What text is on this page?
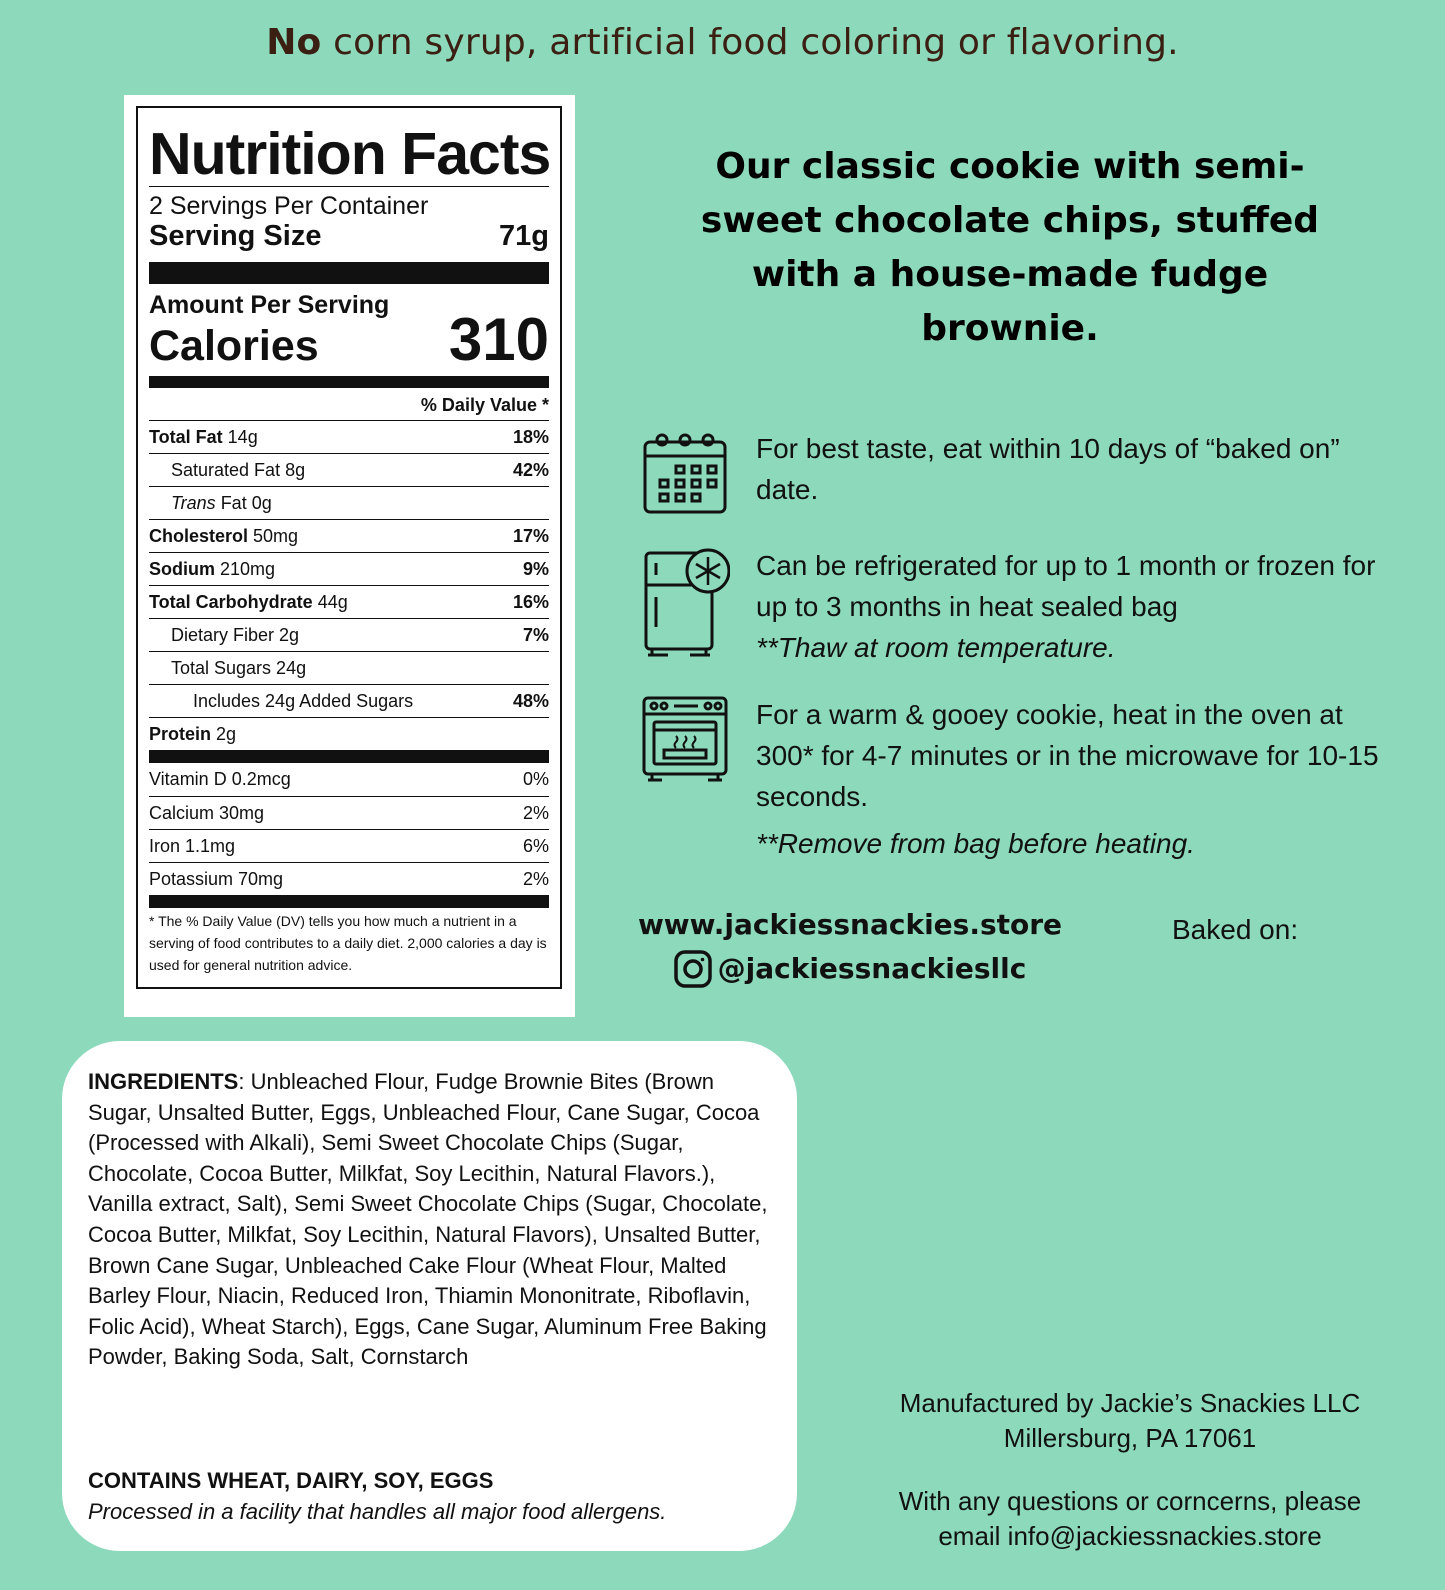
No corn syrup, artificial food coloring or flavoring.
Nutrition Facts
2 Servings Per Container
Serving Size	71g
Amount Per Serving
Calories 310
% Daily Value *
Total Fat 14g	18%
Saturated Fat 8g	42%
Trans Fat 0g
Cholesterol 50mg	17%
Sodium 210mg	9%
Total Carbohydrate 44g	16%
Dietary Fiber 2g	7%
Total Sugars 24g
Includes 24g Added Sugars	48%
Protein 2g
Vitamin D 0.2mcg	0%
Calcium 30mg	2%
Iron 1.1mg	6%
Potassium 70mg	2%
* The % Daily Value (DV) tells you how much a nutrient in a serving of food contributes to a daily diet. 2,000 calories a day is used for general nutrition advice.
Our classic cookie with semi-sweet chocolate chips, stuffed with a house-made fudge brownie.
For best taste, eat within 10 days of “baked on” date.
Can be refrigerated for up to 1 month or frozen for up to 3 months in heat sealed bag
**Thaw at room temperature.
For a warm & gooey cookie, heat in the oven at 300* for 4-7 minutes or in the microwave for 10-15 seconds.
**Remove from bag before heating.
www.jackiessnackies.store
@jackiessnackiesllc
Baked on:

INGREDIENTS: Unbleached Flour, Fudge Brownie Bites (Brown Sugar, Unsalted Butter, Eggs, Unbleached Flour, Cane Sugar, Cocoa (Processed with Alkali), Semi Sweet Chocolate Chips (Sugar, Chocolate, Cocoa Butter, Milkfat, Soy Lecithin, Natural Flavors.), Vanilla extract, Salt), Semi Sweet Chocolate Chips (Sugar, Chocolate, Cocoa Butter, Milkfat, Soy Lecithin, Natural Flavors), Unsalted Butter, Brown Cane Sugar, Unbleached Cake Flour (Wheat Flour, Malted Barley Flour, Niacin, Reduced Iron, Thiamin Mononitrate, Riboflavin, Folic Acid), Wheat Starch), Eggs, Cane Sugar, Aluminum Free Baking Powder, Baking Soda, Salt, Cornstarch

CONTAINS WHEAT, DAIRY, SOY, EGGS
Processed in a facility that handles all major food allergens.
Manufactured by Jackie’s Snackies LLC
Millersburg, PA 17061
With any questions or corncerns, please
email info@jackiessnackies.store
